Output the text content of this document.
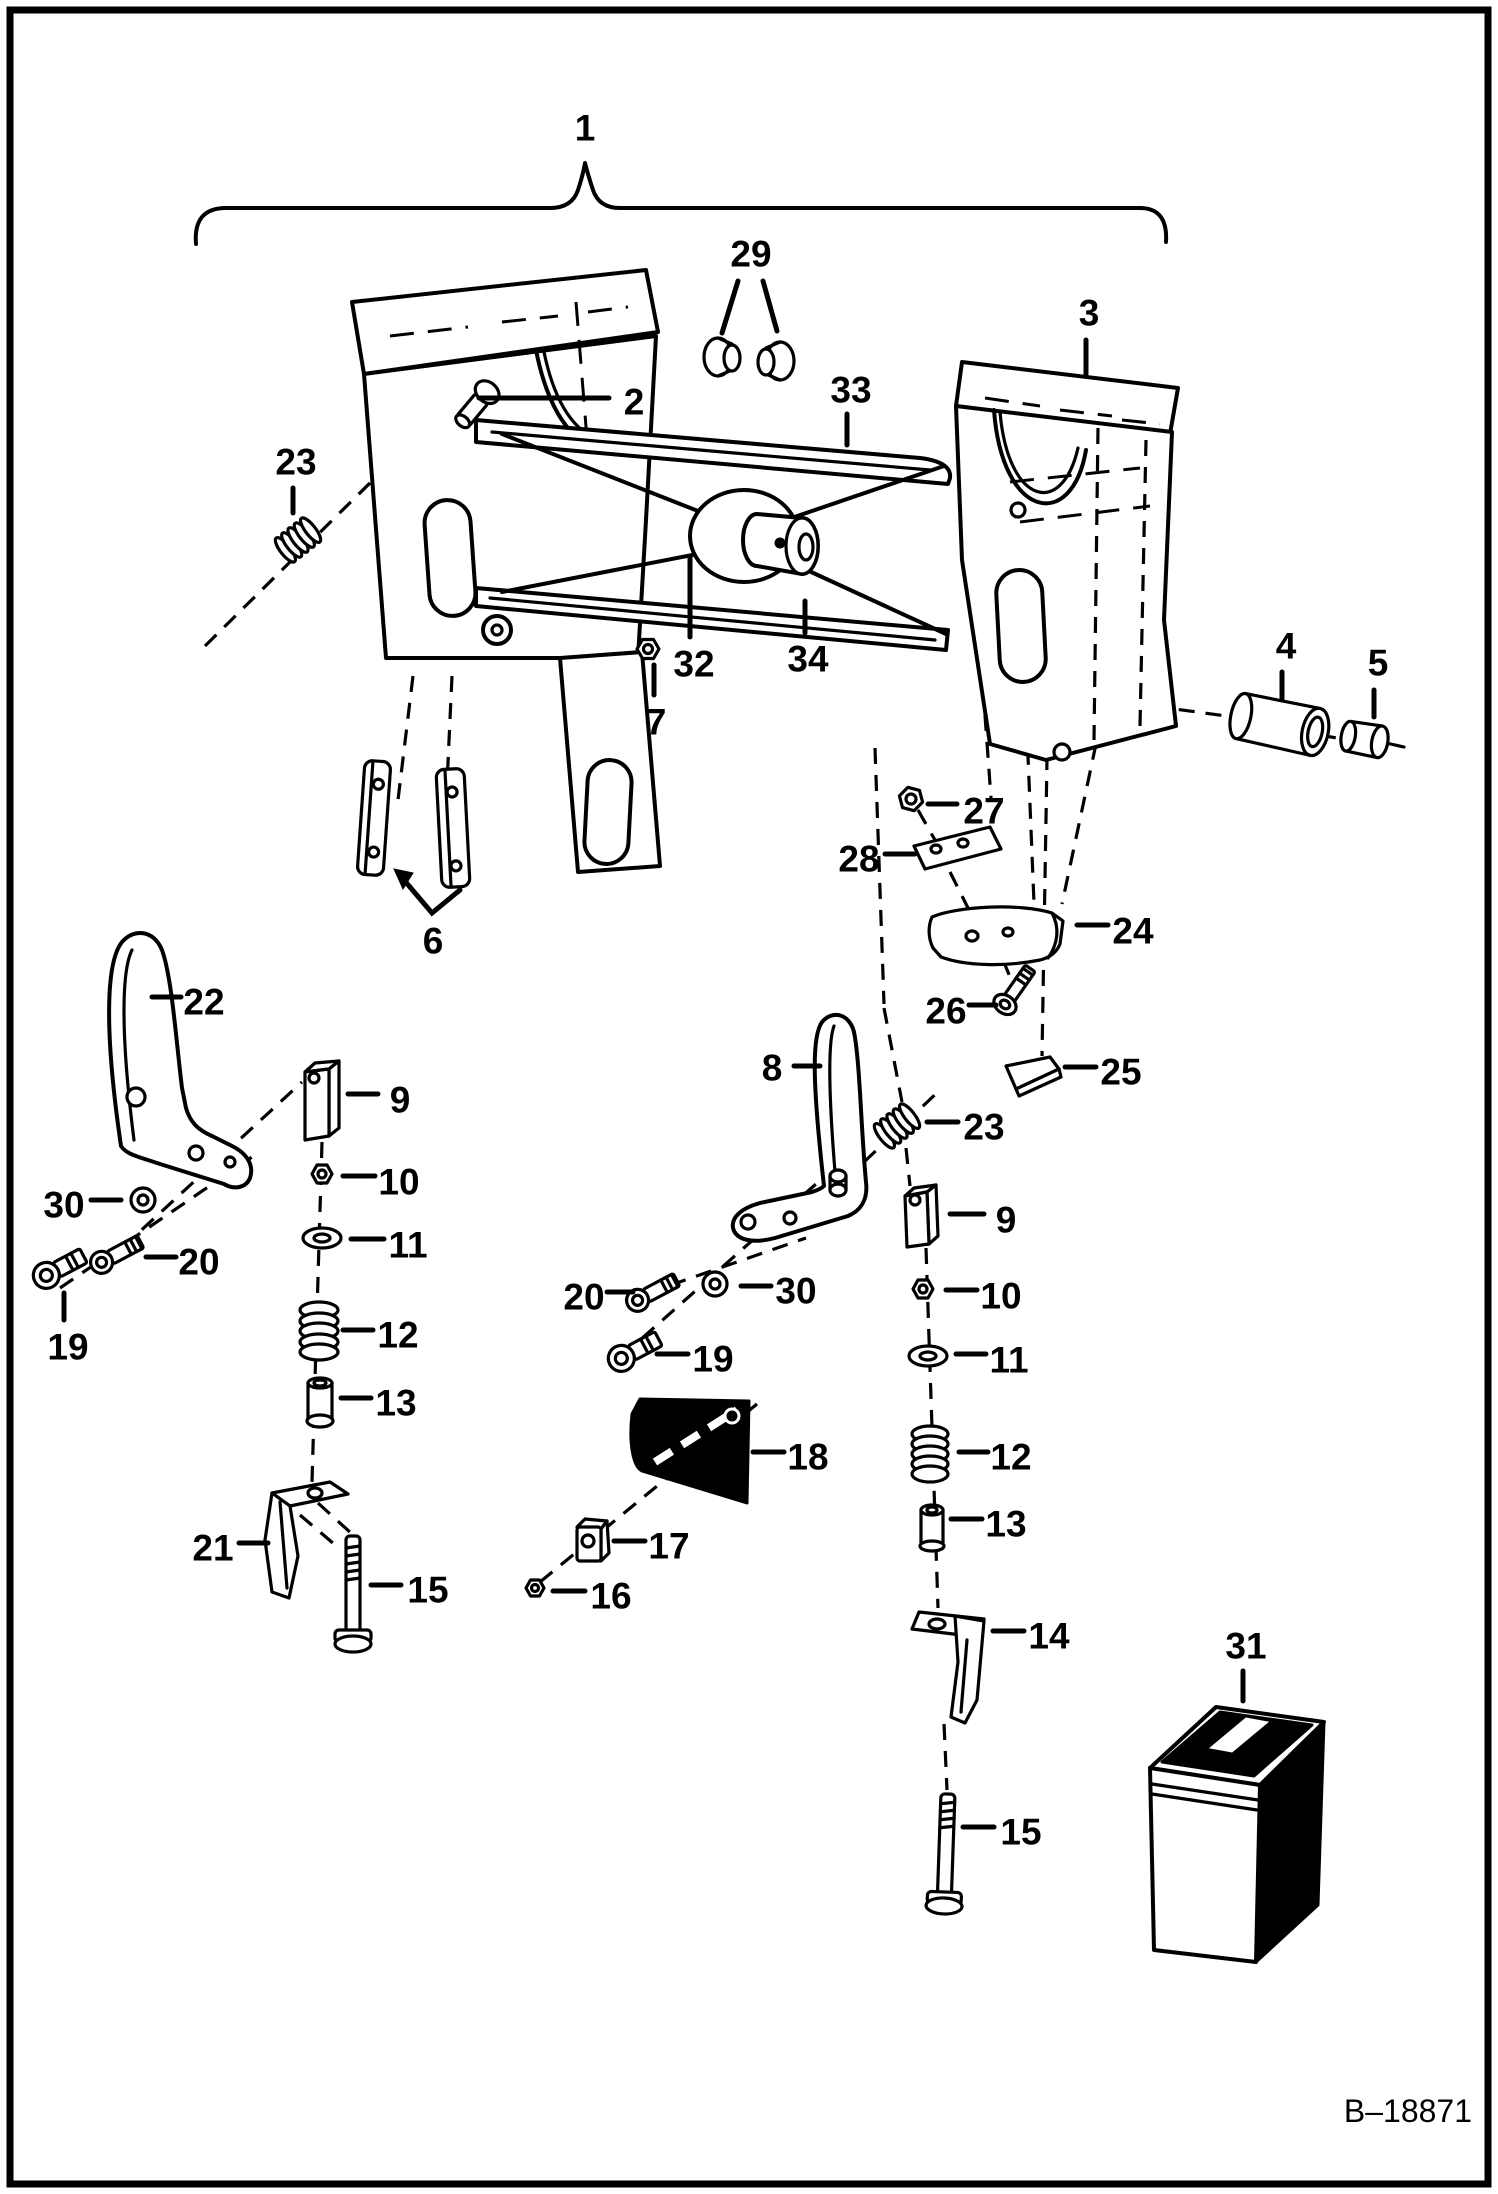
1
2
3
4 5
6
7
8
9
9
10
10
11
11
12
12
13
13
14
15
15
16
17
18
19	19
20
20
21
22
23
23
24
25
26
27
28
29
30
30
31
32
33
34
B–18871
